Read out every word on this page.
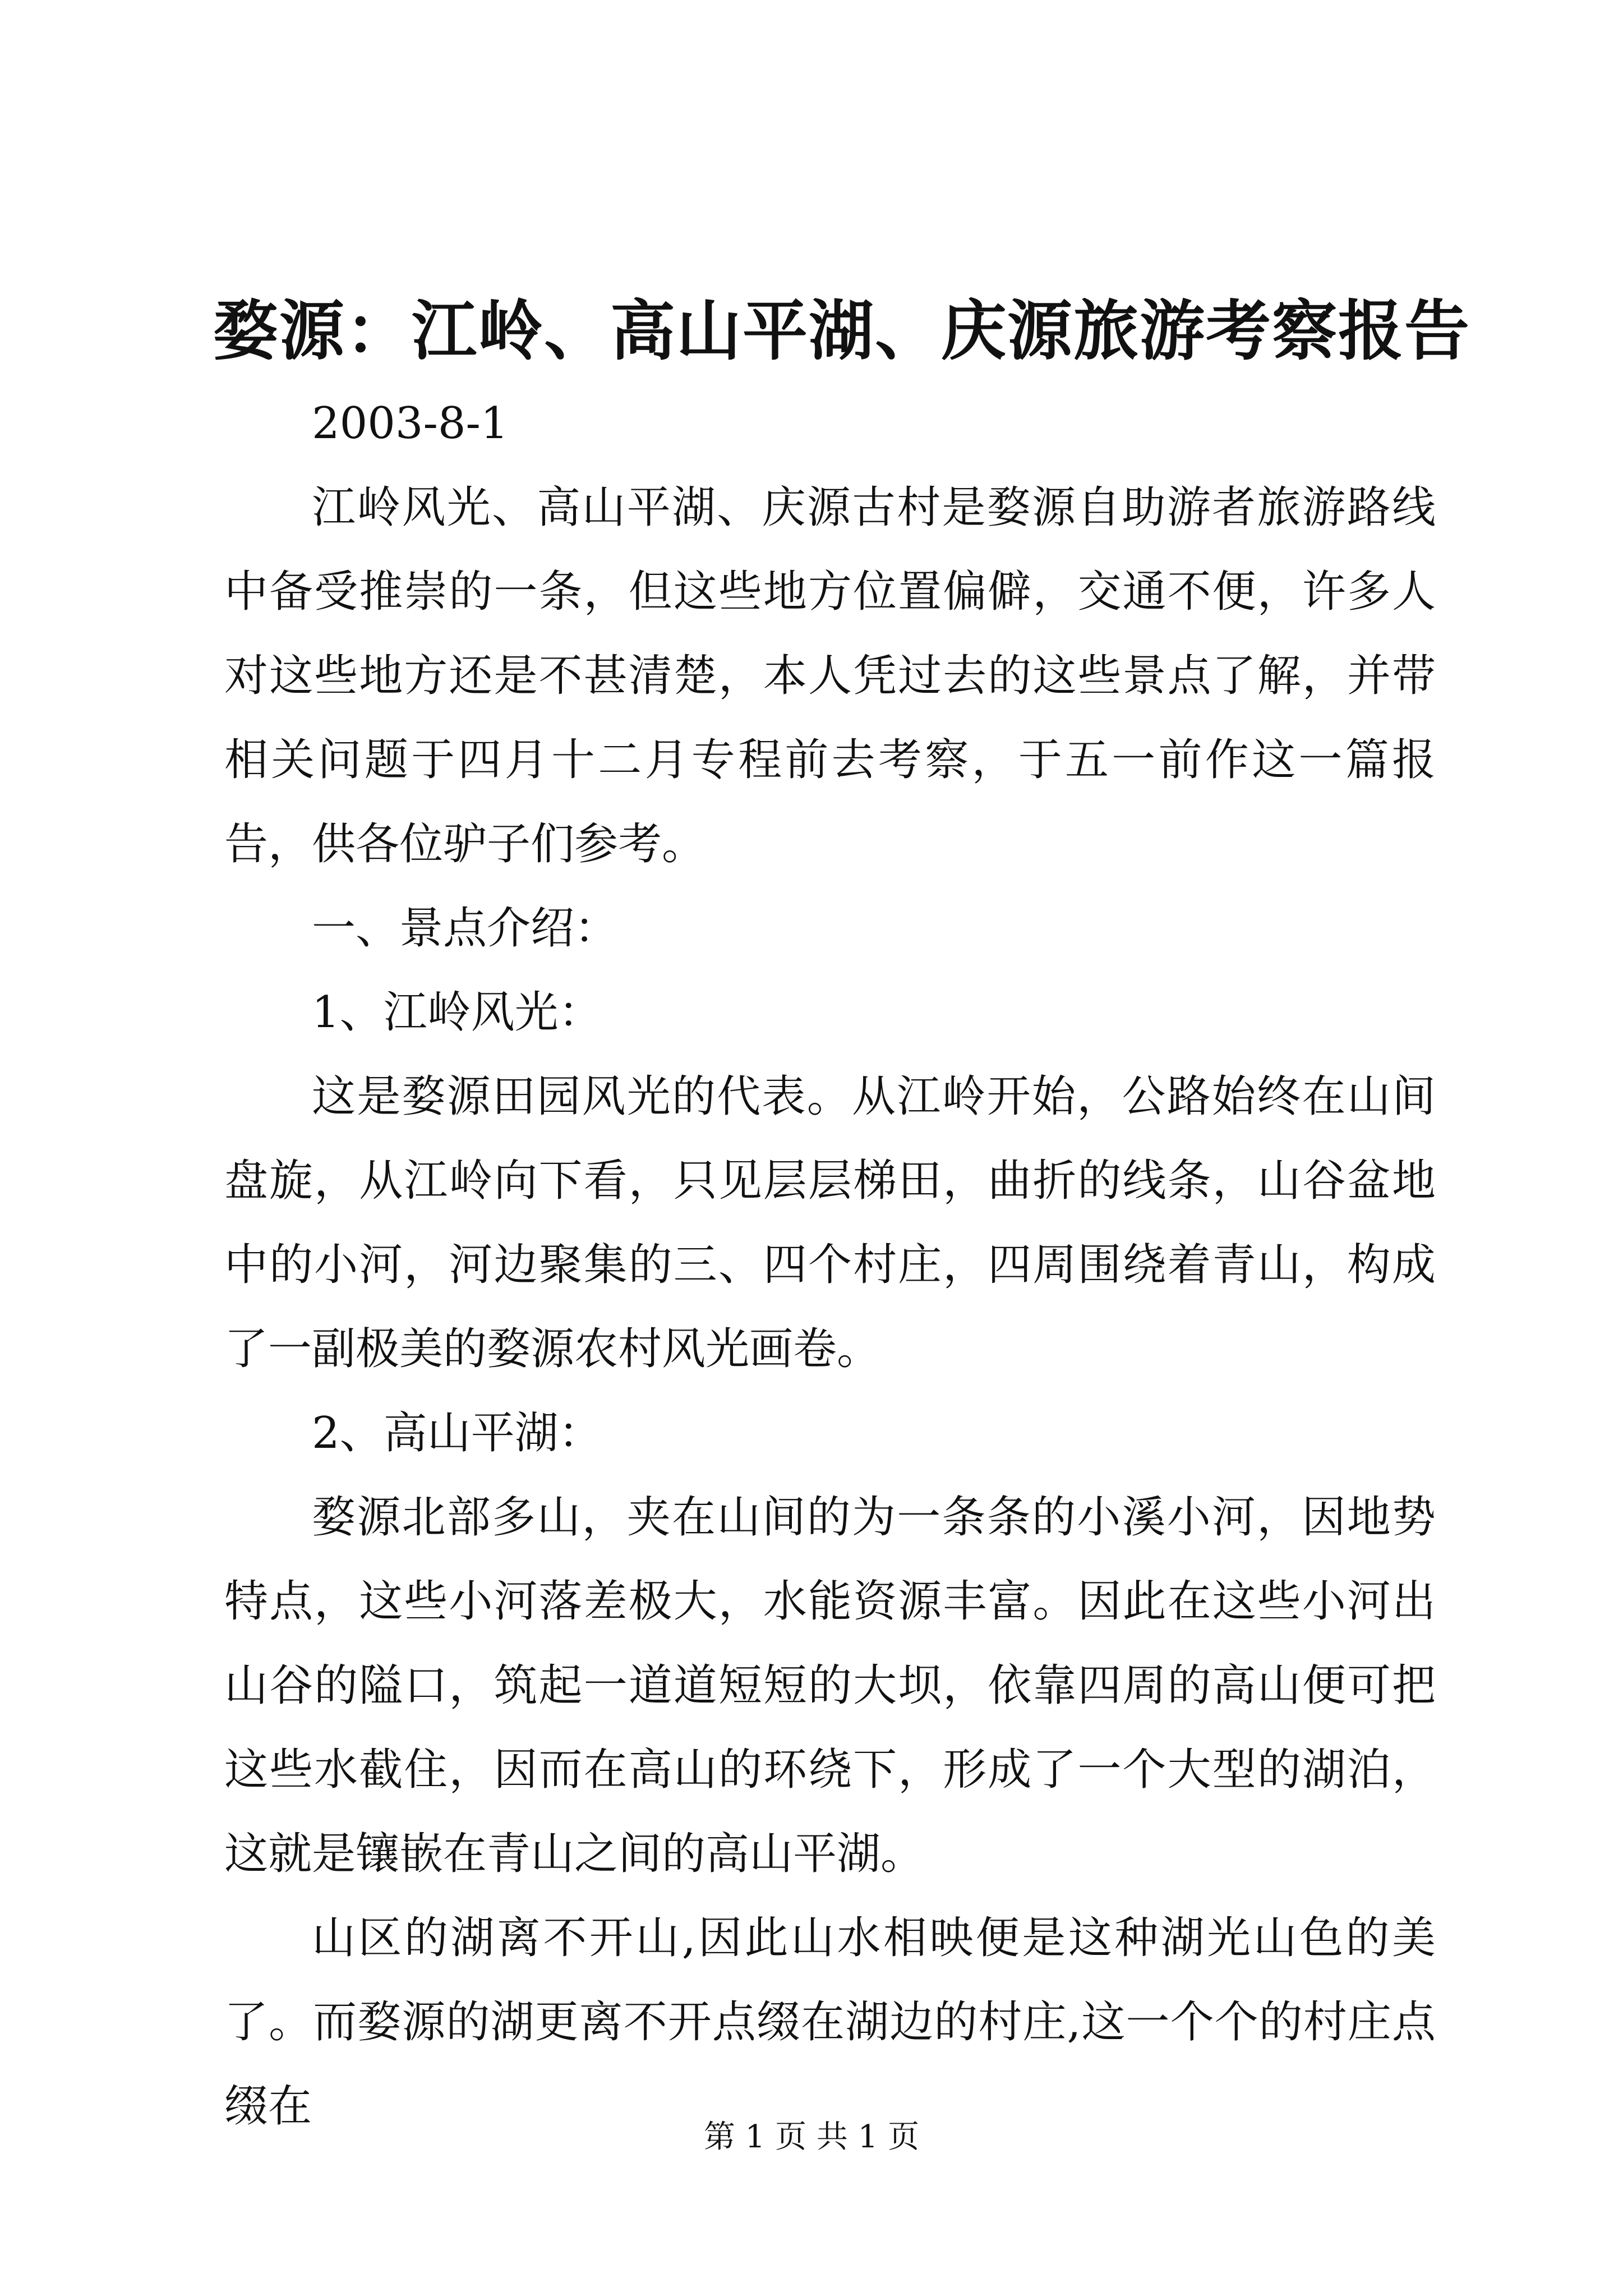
婺源：江岭、高山平湖、庆源旅游考察报告

2003-8-1

江岭风光、高山平湖、庆源古村是婺源自助游者旅游路线中备受推崇的一条，但这些地方位置偏僻，交通不便，许多人对这些地方还是不甚清楚，本人凭过去的这些景点了解，并带相关问题于四月十二月专程前去考察，于五一前作这一篇报告，供各位驴子们参考。

一、景点介绍：

1、江岭风光：

这是婺源田园风光的代表。从江岭开始，公路始终在山间盘旋，从江岭向下看，只见层层梯田，曲折的线条，山谷盆地中的小河，河边聚集的三、四个村庄，四周围绕着青山，构成了一副极美的婺源农村风光画卷。

2、高山平湖：

婺源北部多山，夹在山间的为一条条的小溪小河，因地势特点，这些小河落差极大，水能资源丰富。因此在这些小河出山谷的隘口，筑起一道道短短的大坝，依靠四周的高山便可把这些水截住，因而在高山的环绕下，形成了一个大型的湖泊，这就是镶嵌在青山之间的高山平湖。

山区的湖离不开山,因此山水相映便是这种湖光山色的美了。而婺源的湖更离不开点缀在湖边的村庄,这一个个的村庄点缀在

第 1 页 共 1 页
